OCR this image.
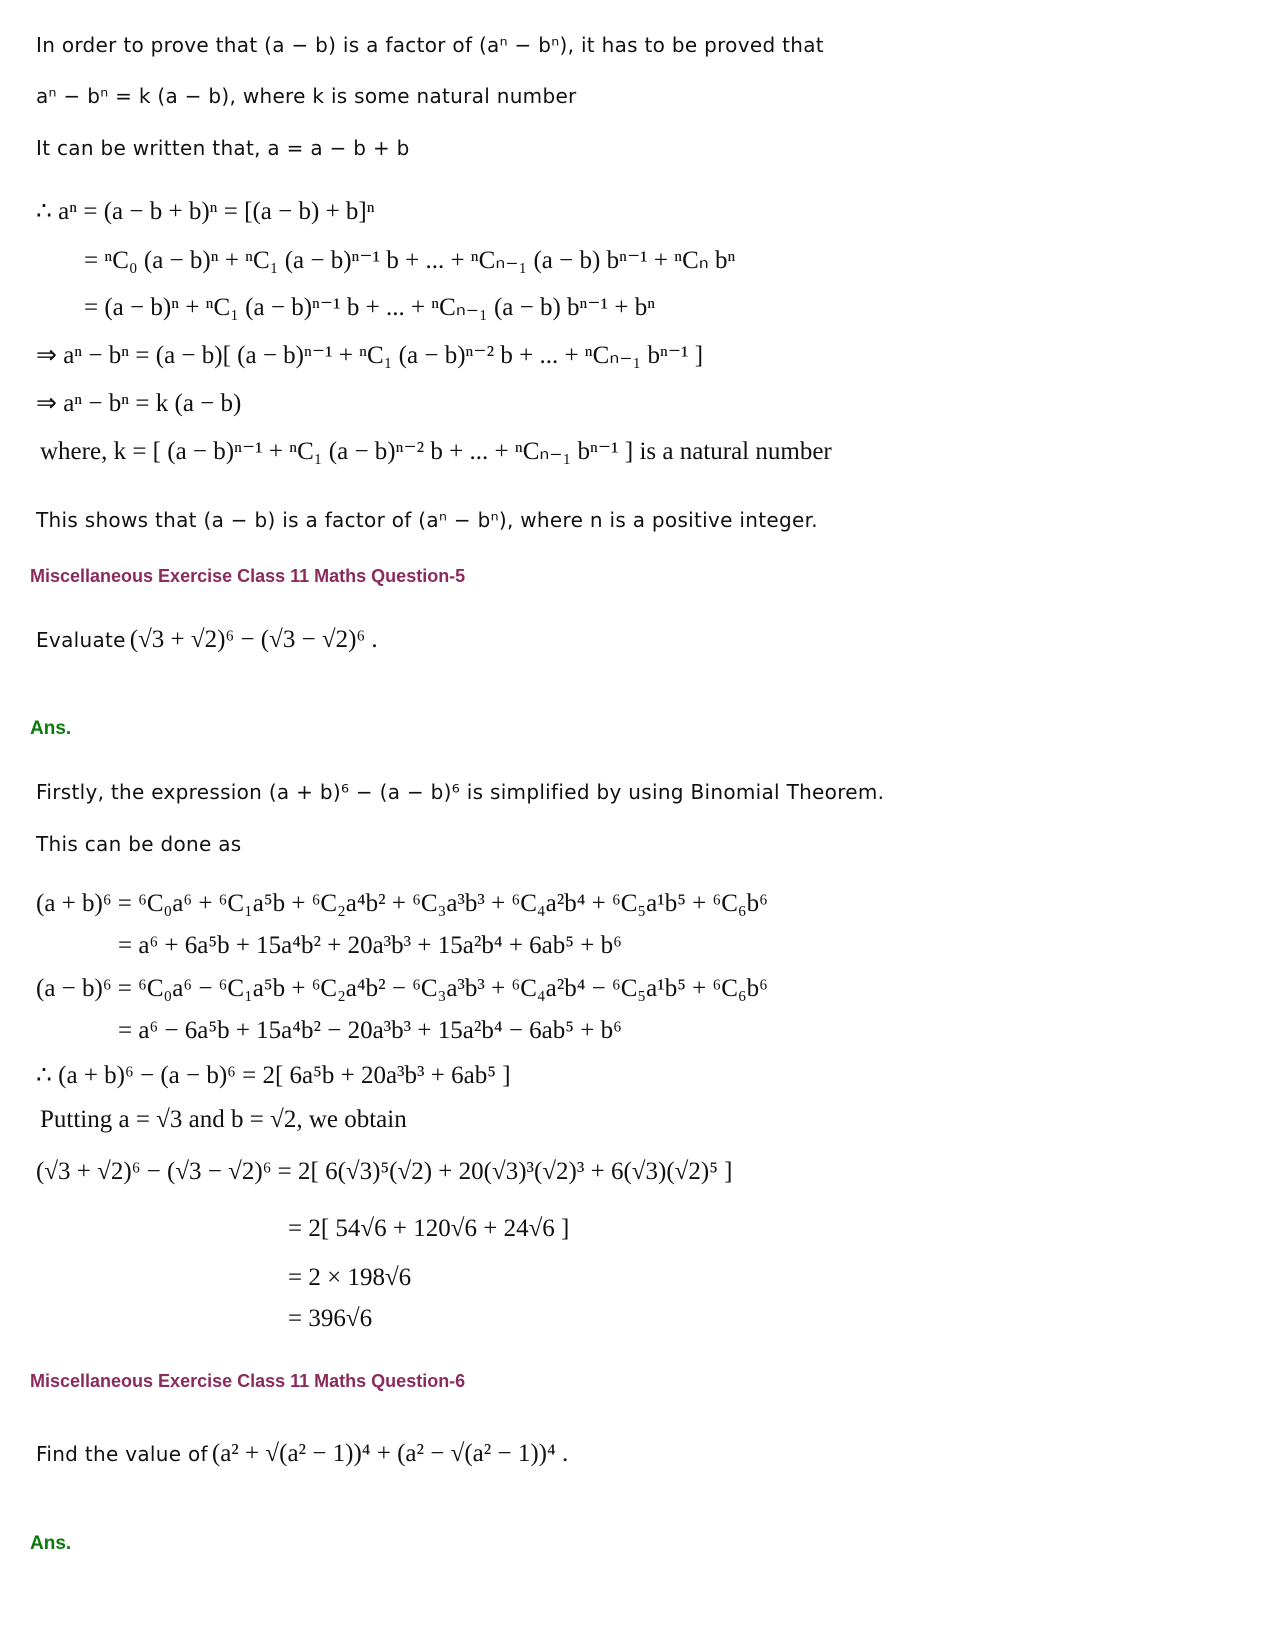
In order to prove that (a − b) is a factor of (aⁿ − bⁿ), it has to be proved that
aⁿ − bⁿ = k (a − b), where k is some natural number
It can be written that, a = a − b + b
∴ aⁿ = (a − b + b)ⁿ = [(a − b) + b]ⁿ
= ⁿC₀ (a − b)ⁿ + ⁿC₁ (a − b)ⁿ⁻¹ b + ... + ⁿCₙ₋₁ (a − b) bⁿ⁻¹ + ⁿCₙ bⁿ
= (a − b)ⁿ + ⁿC₁ (a − b)ⁿ⁻¹ b + ... + ⁿCₙ₋₁ (a − b) bⁿ⁻¹ + bⁿ
⇒ aⁿ − bⁿ = (a − b)[ (a − b)ⁿ⁻¹ + ⁿC₁ (a − b)ⁿ⁻² b + ... + ⁿCₙ₋₁ bⁿ⁻¹ ]
⇒ aⁿ − bⁿ = k (a − b)
where, k = [ (a − b)ⁿ⁻¹ + ⁿC₁ (a − b)ⁿ⁻² b + ... + ⁿCₙ₋₁ bⁿ⁻¹ ] is a natural number
This shows that (a − b) is a factor of (aⁿ − bⁿ), where n is a positive integer.
Miscellaneous Exercise Class 11 Maths Question-5
Evaluate (√3 + √2)⁶ − (√3 − √2)⁶ .
Ans.
Firstly, the expression (a + b)⁶ − (a − b)⁶ is simplified by using Binomial Theorem.
This can be done as
(a + b)⁶ = ⁶C₀a⁶ + ⁶C₁a⁵b + ⁶C₂a⁴b² + ⁶C₃a³b³ + ⁶C₄a²b⁴ + ⁶C₅a¹b⁵ + ⁶C₆b⁶
= a⁶ + 6a⁵b + 15a⁴b² + 20a³b³ + 15a²b⁴ + 6ab⁵ + b⁶
(a − b)⁶ = ⁶C₀a⁶ − ⁶C₁a⁵b + ⁶C₂a⁴b² − ⁶C₃a³b³ + ⁶C₄a²b⁴ − ⁶C₅a¹b⁵ + ⁶C₆b⁶
= a⁶ − 6a⁵b + 15a⁴b² − 20a³b³ + 15a²b⁴ − 6ab⁵ + b⁶
∴ (a + b)⁶ − (a − b)⁶ = 2[ 6a⁵b + 20a³b³ + 6ab⁵ ]
Putting a = √3 and b = √2, we obtain
(√3 + √2)⁶ − (√3 − √2)⁶ = 2[ 6(√3)⁵(√2) + 20(√3)³(√2)³ + 6(√3)(√2)⁵ ]
= 2[ 54√6 + 120√6 + 24√6 ]
= 2 × 198√6
= 396√6
Miscellaneous Exercise Class 11 Maths Question-6
Find the value of (a² + √(a² − 1))⁴ + (a² − √(a² − 1))⁴ .
Ans.
